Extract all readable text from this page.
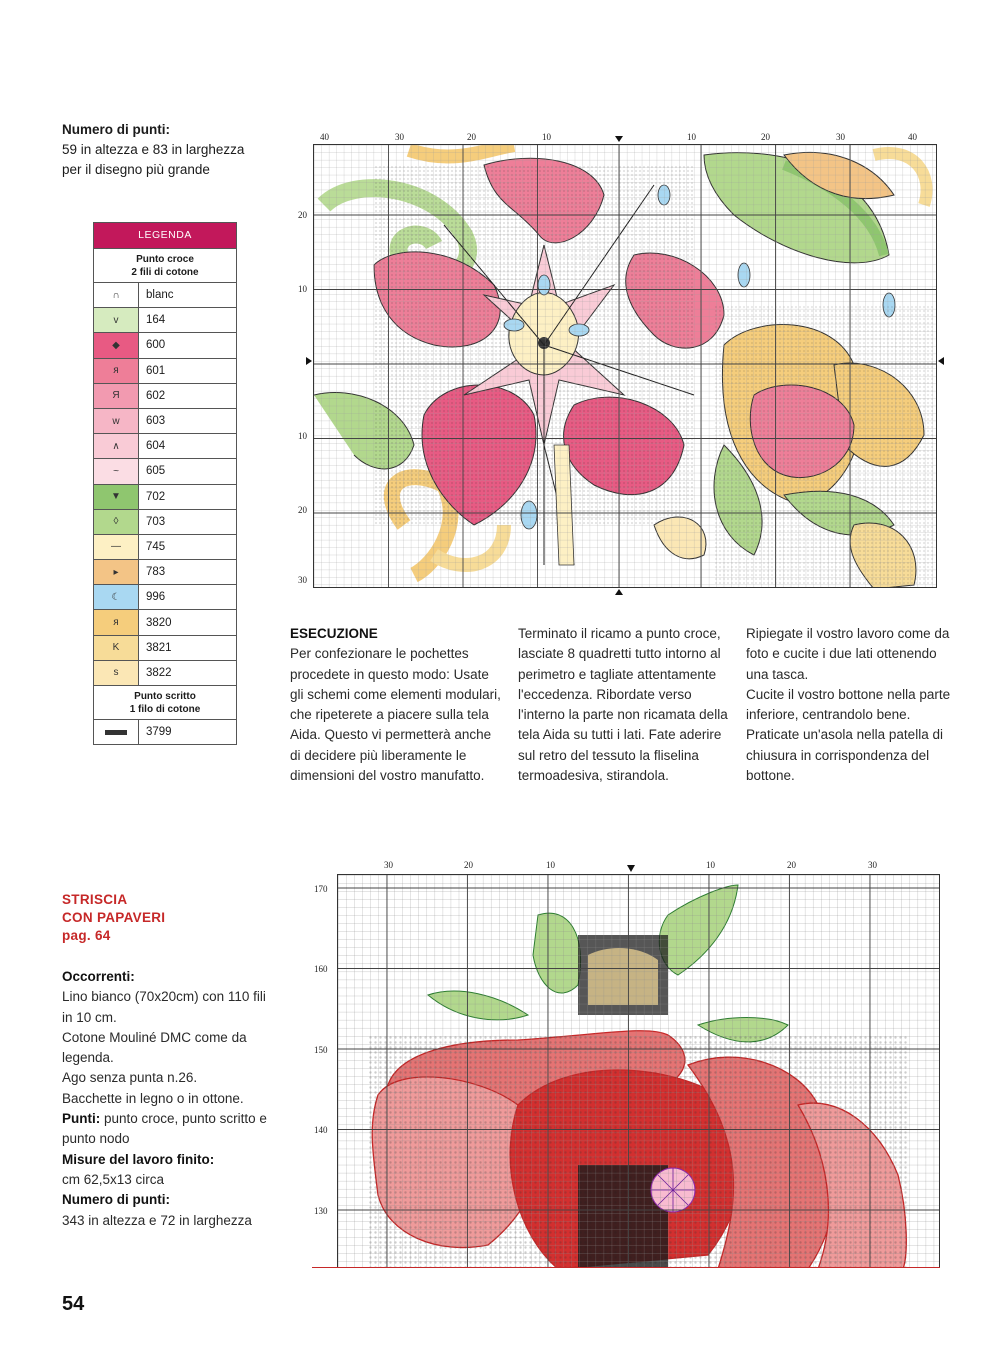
Numero di punti:
59 in altezza e 83 in larghezza
per il disegno più grande
LEGENDA
Punto croce
2 fili di cotone
∩	blanc
v	164
◆	600
я	601
Я	602
w	603
∧	604
~	605
▼	702
◊	703
—	745
▸	783
☾	996
я	3820
K	3821
s	3822
Punto scritto
1 filo di cotone
3799
40	30	20	10	10	20	30	40
20
10
10
20
30
ESECUZIONE
Per confezionare le pochettes procedete in questo modo: Usate gli schemi come elementi modulari, che ripeterete a piacere sulla tela Aida. Questo vi permetterà anche di decidere più liberamente le dimensioni del vostro manufatto.
Terminato il ricamo a punto croce, lasciate 8 quadretti tutto intorno al perimetro e tagliate attentamente l'eccedenza. Ribordate verso l'interno la parte non ricamata della tela Aida su tutti i lati. Fate aderire sul retro del tessuto la fliselina termoadesiva, stirandola.
Ripiegate il vostro lavoro come da foto e cucite i due lati ottenendo una tasca.
Cucite il vostro bottone nella parte inferiore, centrandolo bene.
Praticate un'asola nella patella di chiusura in corrispondenza del bottone.
STRISCIA
CON PAPAVERI
pag. 64
Occorrenti:
Lino bianco (70x20cm) con 110 fili in 10 cm.
Cotone Mouliné DMC come da legenda.
Ago senza punta n.26.
Bacchette in legno o in ottone.
Punti: punto croce, punto scritto e punto nodo
Misure del lavoro finito:
cm 62,5x13 circa
Numero di punti:
343 in altezza e 72 in larghezza
30	20	10	10	20	30
170
160
150
140
130
54
